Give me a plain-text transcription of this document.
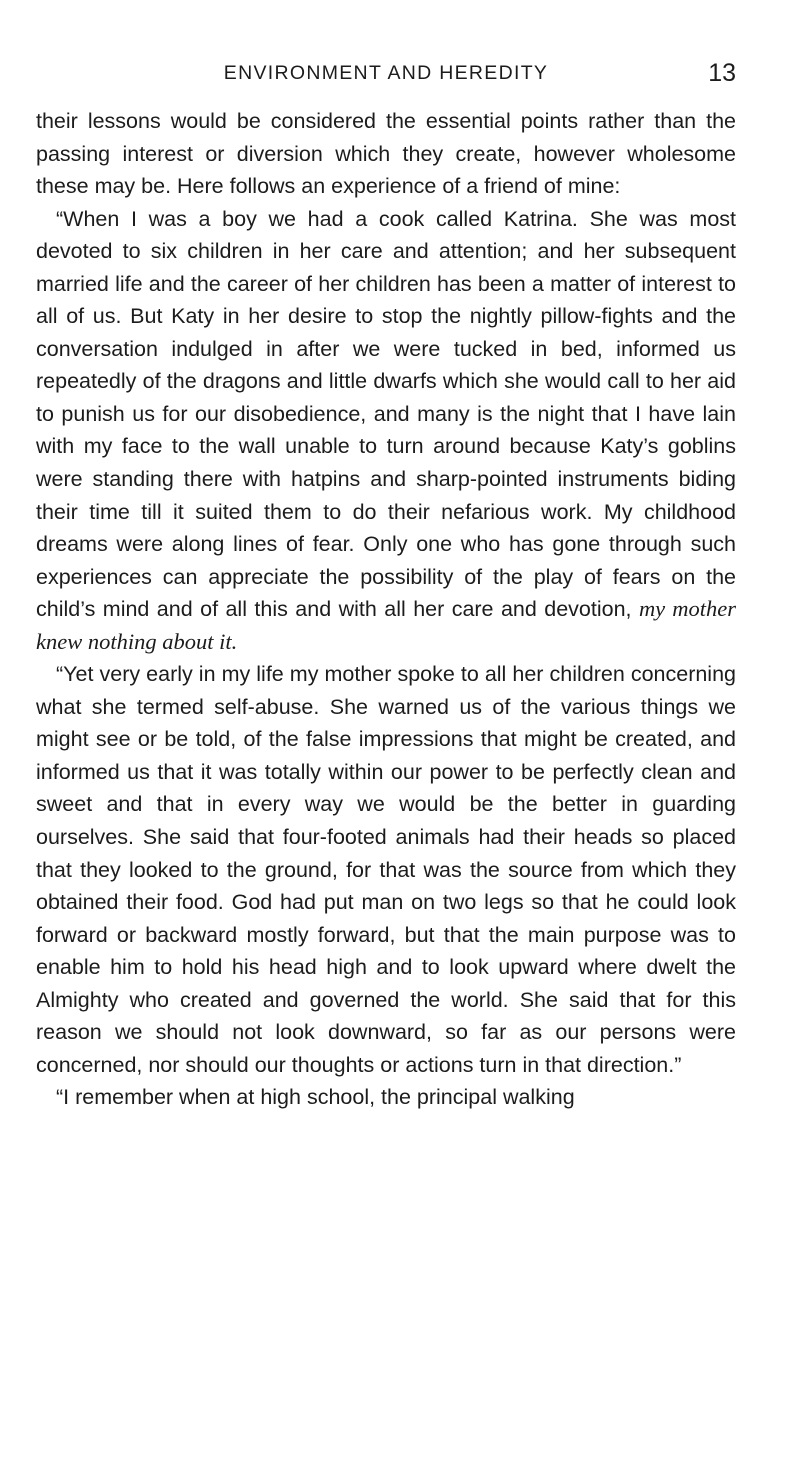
ENVIRONMENT AND HEREDITY	13

their lessons would be considered the essential points rather than the passing interest or diversion which they create, however wholesome these may be. Here follows an experience of a friend of mine:

“When I was a boy we had a cook called Katrina. She was most devoted to six children in her care and attention; and her subsequent married life and the career of her children has been a matter of interest to all of us. But Katy in her desire to stop the nightly pillow-fights and the conversation indulged in after we were tucked in bed, informed us repeatedly of the dragons and little dwarfs which she would call to her aid to punish us for our disobedience, and many is the night that I have lain with my face to the wall unable to turn around because Katy’s goblins were standing there with hatpins and sharp-pointed instruments biding their time till it suited them to do their nefarious work. My childhood dreams were along lines of fear. Only one who has gone through such experiences can appreciate the possibility of the play of fears on the child’s mind and of all this and with all her care and devotion, my mother knew nothing about it.

“Yet very early in my life my mother spoke to all her children concerning what she termed self-abuse. She warned us of the various things we might see or be told, of the false impressions that might be created, and informed us that it was totally within our power to be perfectly clean and sweet and that in every way we would be the better in guarding ourselves. She said that four-footed animals had their heads so placed that they looked to the ground, for that was the source from which they obtained their food. God had put man on two legs so that he could look forward or backward mostly forward, but that the main purpose was to enable him to hold his head high and to look upward where dwelt the Almighty who created and governed the world. She said that for this reason we should not look downward, so far as our persons were concerned, nor should our thoughts or actions turn in that direction.”

“I remember when at high school, the principal walking
